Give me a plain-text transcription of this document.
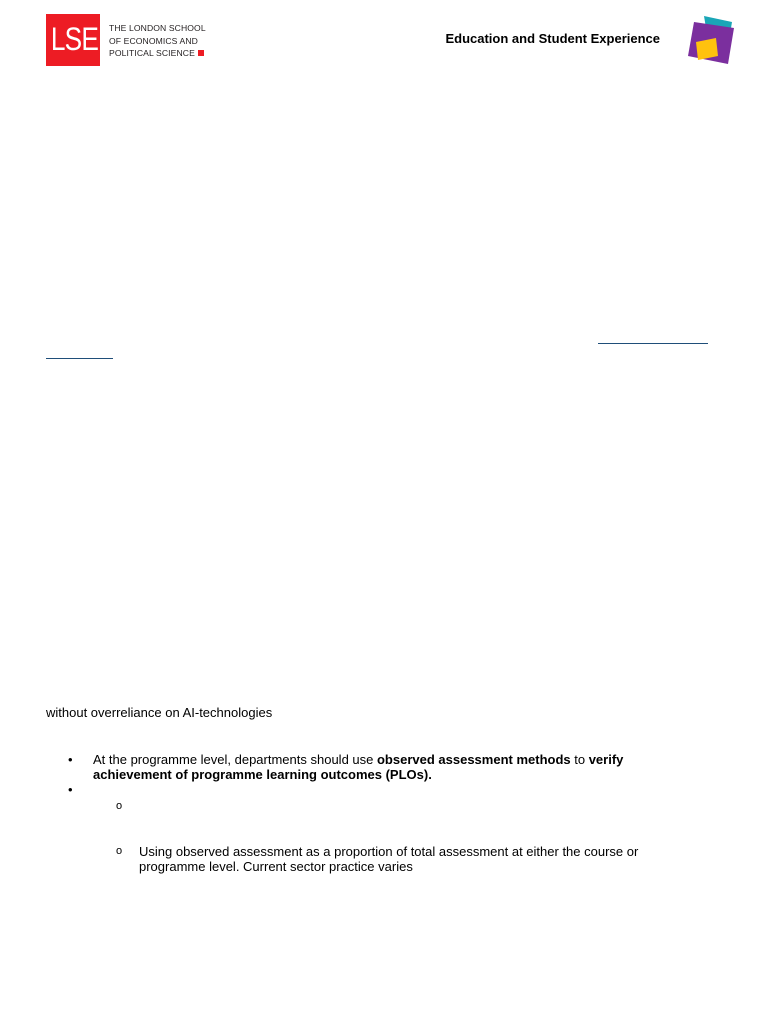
LSE THE LONDON SCHOOL
OF ECONOMICS AND
POLITICAL SCIENCE
Education and Student Experience
without overreliance on AI-technologies
• At the programme level, departments should use observed assessment methods to verify achievement of programme learning outcomes (PLOs).
•
o
o Using observed assessment as a proportion of total assessment at either the course or programme level. Current sector practice varies
